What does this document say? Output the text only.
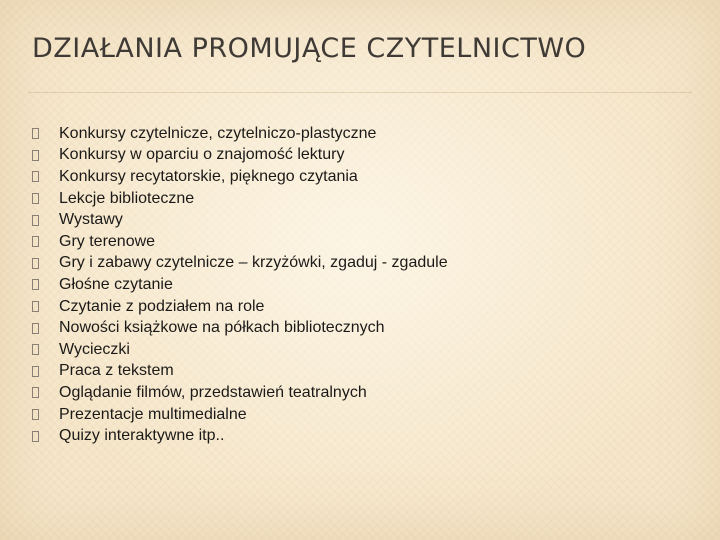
DZIAŁANIA PROMUJĄCE CZYTELNICTWO
Konkursy czytelnicze, czytelniczo-plastyczne
Konkursy w oparciu o znajomość lektury
Konkursy recytatorskie, pięknego czytania
Lekcje biblioteczne
Wystawy
Gry terenowe
Gry i zabawy czytelnicze – krzyżówki, zgaduj - zgadule
Głośne czytanie
Czytanie z podziałem na role
Nowości książkowe na półkach bibliotecznych
Wycieczki
Praca z tekstem
Oglądanie filmów, przedstawień teatralnych
Prezentacje multimedialne
Quizy interaktywne itp..
